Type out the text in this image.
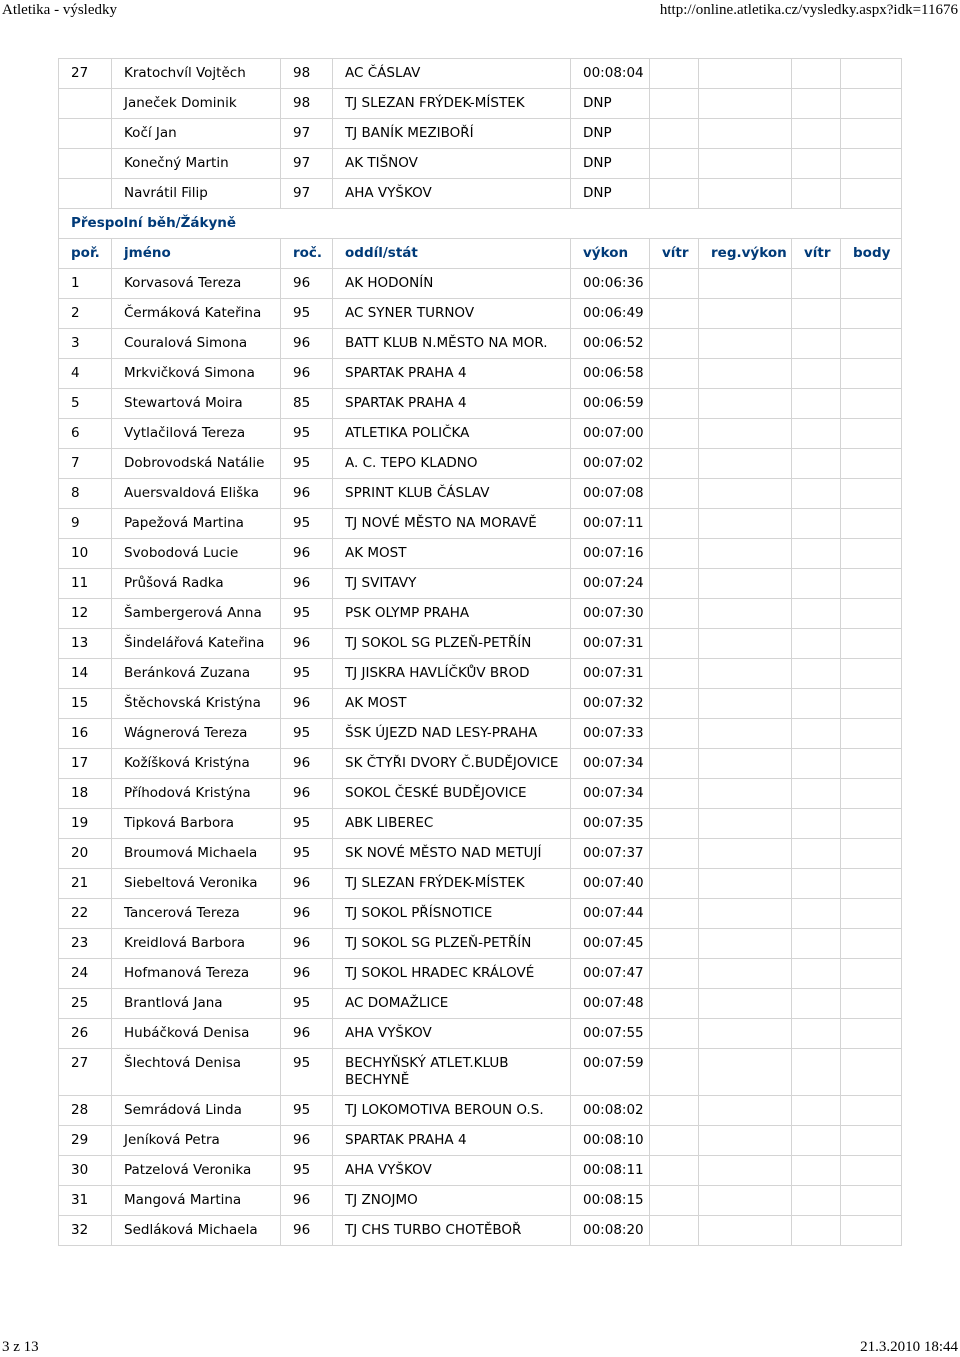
Atletika - výsledky	http://online.atletika.cz/vysledky.aspx?idk=11676
27	Kratochvíl Vojtěch	98	AC ČÁSLAV	00:08:04				
	Janeček Dominik	98	TJ SLEZAN FRÝDEK-MÍSTEK	DNP				
	Kočí Jan	97	TJ BANÍK MEZIBOŘÍ	DNP				
	Konečný Martin	97	AK TIŠNOV	DNP				
	Navrátil Filip	97	AHA VYŠKOV	DNP				
Přespolní běh/Žákyně								
poř.	jméno	roč.	oddíl/stát	výkon	vítr	reg.výkon	vítr	body
1	Korvasová Tereza	96	AK HODONÍN	00:06:36				
2	Čermáková Kateřina	95	AC SYNER TURNOV	00:06:49				
3	Couralová Simona	96	BATT KLUB N.MĚSTO NA MOR.	00:06:52				
4	Mrkvičková Simona	96	SPARTAK PRAHA 4	00:06:58				
5	Stewartová Moira	85	SPARTAK PRAHA 4	00:06:59				
6	Vytlačilová Tereza	95	ATLETIKA POLIČKA	00:07:00				
7	Dobrovodská Natálie	95	A. C. TEPO KLADNO	00:07:02				
8	Auersvaldová Eliška	96	SPRINT KLUB ČÁSLAV	00:07:08				
9	Papežová Martina	95	TJ NOVÉ MĚSTO NA MORAVĚ	00:07:11				
10	Svobodová Lucie	96	AK MOST	00:07:16				
11	Průšová Radka	96	TJ SVITAVY	00:07:24				
12	Šambergerová Anna	95	PSK OLYMP PRAHA	00:07:30				
13	Šindelářová Kateřina	96	TJ SOKOL SG PLZEŇ-PETŘÍN	00:07:31				
14	Beránková Zuzana	95	TJ JISKRA HAVLÍČKŮV BROD	00:07:31				
15	Štěchovská Kristýna	96	AK MOST	00:07:32				
16	Wágnerová Tereza	95	ŠSK ÚJEZD NAD LESY-PRAHA	00:07:33				
17	Kožíšková Kristýna	96	SK ČTYŘI DVORY Č.BUDĚJOVICE	00:07:34				
18	Příhodová Kristýna	96	SOKOL ČESKÉ BUDĚJOVICE	00:07:34				
19	Tipková Barbora	95	ABK LIBEREC	00:07:35				
20	Broumová Michaela	95	SK NOVÉ MĚSTO NAD METUJÍ	00:07:37				
21	Siebeltová Veronika	96	TJ SLEZAN FRÝDEK-MÍSTEK	00:07:40				
22	Tancerová Tereza	96	TJ SOKOL PŘÍSNOTICE	00:07:44				
23	Kreidlová Barbora	96	TJ SOKOL SG PLZEŇ-PETŘÍN	00:07:45				
24	Hofmanová Tereza	96	TJ SOKOL HRADEC KRÁLOVÉ	00:07:47				
25	Brantlová Jana	95	AC DOMAŽLICE	00:07:48				
26	Hubáčková Denisa	96	AHA VYŠKOV	00:07:55				
27	Šlechtová Denisa	95	BECHYŇSKÝ ATLET.KLUB BECHYNĚ	00:07:59				
28	Semrádová Linda	95	TJ LOKOMOTIVA BEROUN O.S.	00:08:02				
29	Jeníková Petra	96	SPARTAK PRAHA 4	00:08:10				
30	Patzelová Veronika	95	AHA VYŠKOV	00:08:11				
31	Mangová Martina	96	TJ ZNOJMO	00:08:15				
32	Sedláková Michaela	96	TJ CHS TURBO CHOTĚBOŘ	00:08:20				
3 z 13	21.3.2010 18:44
